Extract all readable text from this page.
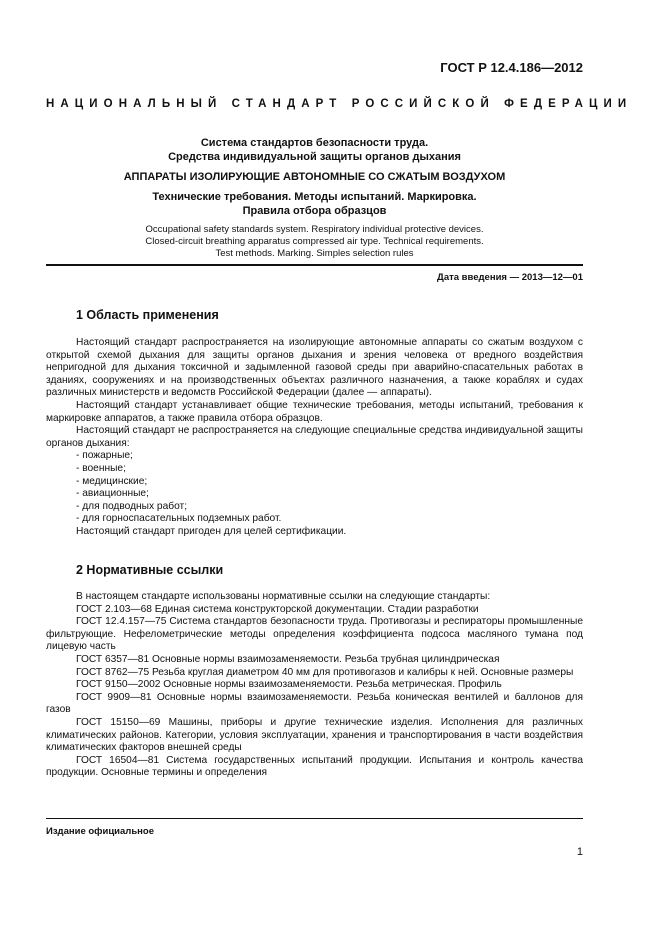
ГОСТ Р 12.4.186—2012
НАЦИОНАЛЬНЫЙ СТАНДАРТ РОССИЙСКОЙ ФЕДЕРАЦИИ
Система стандартов безопасности труда.
Средства индивидуальной защиты органов дыхания
АППАРАТЫ ИЗОЛИРУЮЩИЕ АВТОНОМНЫЕ СО СЖАТЫМ ВОЗДУХОМ
Технические требования. Методы испытаний. Маркировка.
Правила отбора образцов
Occupational safety standards system. Respiratory individual protective devices.
Closed-circuit breathing apparatus compressed air type. Technical requirements.
Test methods. Marking. Simples selection rules
Дата введения — 2013—12—01
1 Область применения

Настоящий стандарт распространяется на изолирующие автономные аппараты со сжатым воздухом с открытой схемой дыхания для защиты органов дыхания и зрения человека от вредного воздействия непригодной для дыхания токсичной и задымленной газовой среды при аварийно-спасательных работах в зданиях, сооружениях и на производственных объектах различного назначения, а также кораблях и судах различных министерств и ведомств Российской Федерации (далее — аппараты).

Настоящий стандарт устанавливает общие технические требования, методы испытаний, требования к маркировке аппаратов, а также правила отбора образцов.

Настоящий стандарт не распространяется на следующие специальные средства индивидуальной защиты органов дыхания:

- пожарные;
- военные;
- медицинские;
- авиационные;
- для подводных работ;
- для горноспасательных подземных работ.

Настоящий стандарт пригоден для целей сертификации.

2 Нормативные ссылки

В настоящем стандарте использованы нормативные ссылки на следующие стандарты:

ГОСТ 2.103—68 Единая система конструкторской документации. Стадии разработки

ГОСТ 12.4.157—75 Система стандартов безопасности труда. Противогазы и респираторы промышленные фильтрующие. Нефелометрические методы определения коэффициента подсоса масляного тумана под лицевую часть

ГОСТ 6357—81 Основные нормы взаимозаменяемости. Резьба трубная цилиндрическая

ГОСТ 8762—75 Резьба круглая диаметром 40 мм для противогазов и калибры к ней. Основные размеры

ГОСТ 9150—2002 Основные нормы взаимозаменяемости. Резьба метрическая. Профиль

ГОСТ 9909—81 Основные нормы взаимозаменяемости. Резьба коническая вентилей и баллонов для газов

ГОСТ 15150—69 Машины, приборы и другие технические изделия. Исполнения для различных климатических районов. Категории, условия эксплуатации, хранения и транспортирования в части воздействия климатических факторов внешней среды

ГОСТ 16504—81 Система государственных испытаний продукции. Испытания и контроль качества продукции. Основные термины и определения

Издание официальное
1
